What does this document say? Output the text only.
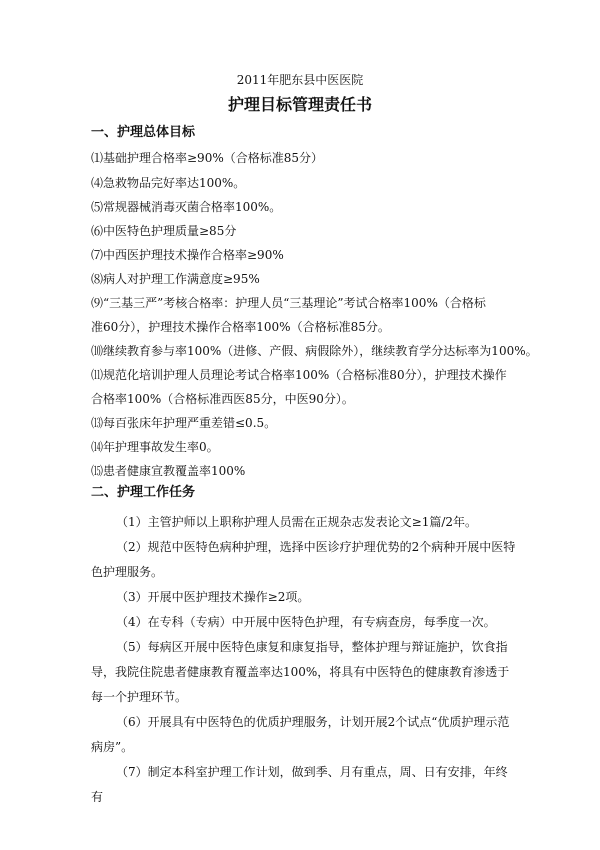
2011年肥东县中医医院
护理目标管理责任书
一、护理总体目标
⑴基础护理合格率≥90%（合格标准85分）
⑷急救物品完好率达100%。
⑸常规器械消毒灭菌合格率100%。
⑹中医特色护理质量≥85分
⑺中西医护理技术操作合格率≥90%
⑻病人对护理工作满意度≥95%
⑼“三基三严”考核合格率：护理人员“三基理论”考试合格率100%（合格标
准60分），护理技术操作合格率100%（合格标准85分。
⑽继续教育参与率100%（进修、产假、病假除外），继续教育学分达标率为100%。
⑾规范化培训护理人员理论考试合格率100%（合格标准80分），护理技术操作
合格率100%（合格标准西医85分，中医90分）。
⒀每百张床年护理严重差错≤0.5。
⒁年护理事故发生率0。
⒂患者健康宣教覆盖率100%
二、护理工作任务
（1）主管护师以上职称护理人员需在正规杂志发表论文≥1篇/2年。
（2）规范中医特色病种护理，选择中医诊疗护理优势的2个病种开展中医特色护理服务。
（3）开展中医护理技术操作≥2项。
（4）在专科（专病）中开展中医特色护理，有专病查房，每季度一次。
（5）每病区开展中医特色康复和康复指导，整体护理与辩证施护，饮食指导，我院住院患者健康教育覆盖率达100%，将具有中医特色的健康教育渗透于每一个护理环节。
（6）开展具有中医特色的优质护理服务，计划开展2个试点“优质护理示范病房”。
（7）制定本科室护理工作计划，做到季、月有重点，周、日有安排，年终有
